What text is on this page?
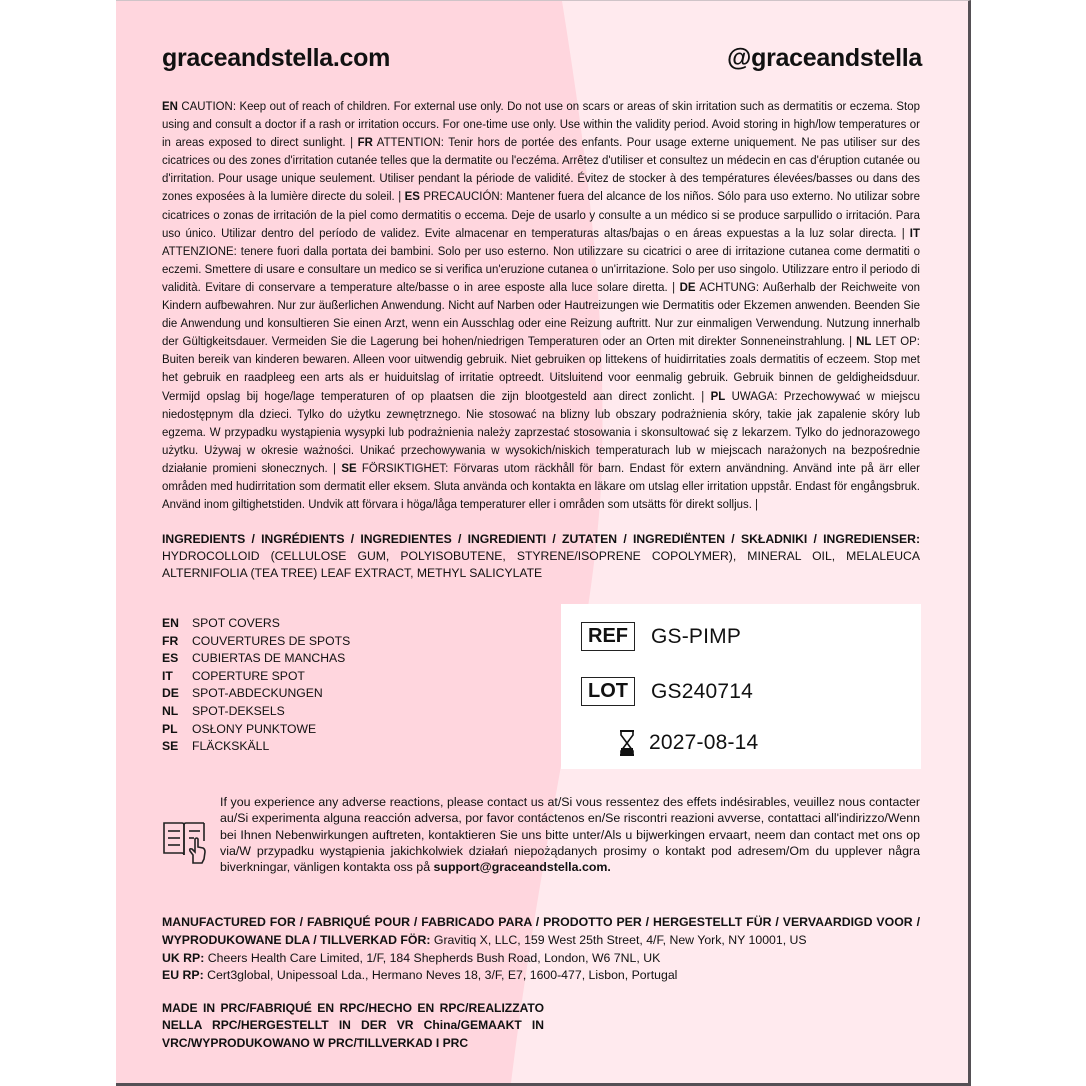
graceandstella.com	@graceandstella
EN CAUTION: Keep out of reach of children. For external use only. Do not use on scars or areas of skin irritation such as dermatitis or eczema. Stop using and consult a doctor if a rash or irritation occurs. For one-time use only. Use within the validity period. Avoid storing in high/low temperatures or in areas exposed to direct sunlight. | FR ATTENTION: Tenir hors de portée des enfants. Pour usage externe uniquement. Ne pas utiliser sur des cicatrices ou des zones d'irritation cutanée telles que la dermatite ou l'eczéma. Arrêtez d'utiliser et consultez un médecin en cas d'éruption cutanée ou d'irritation. Pour usage unique seulement. Utiliser pendant la période de validité. Évitez de stocker à des températures élevées/basses ou dans des zones exposées à la lumière directe du soleil. | ES PRECAUCIÓN: Mantener fuera del alcance de los niños. Sólo para uso externo. No utilizar sobre cicatrices o zonas de irritación de la piel como dermatitis o eccema. Deje de usarlo y consulte a un médico si se produce sarpullido o irritación. Para uso único. Utilizar dentro del período de validez. Evite almacenar en temperaturas altas/bajas o en áreas expuestas a la luz solar directa. | IT ATTENZIONE: tenere fuori dalla portata dei bambini. Solo per uso esterno. Non utilizzare su cicatrici o aree di irritazione cutanea come dermatiti o eczemi. Smettere di usare e consultare un medico se si verifica un'eruzione cutanea o un'irritazione. Solo per uso singolo. Utilizzare entro il periodo di validità. Evitare di conservare a temperature alte/basse o in aree esposte alla luce solare diretta. | DE ACHTUNG: Außerhalb der Reichweite von Kindern aufbewahren. Nur zur äußerlichen Anwendung. Nicht auf Narben oder Hautreizungen wie Dermatitis oder Ekzemen anwenden. Beenden Sie die Anwendung und konsultieren Sie einen Arzt, wenn ein Ausschlag oder eine Reizung auftritt. Nur zur einmaligen Verwendung. Nutzung innerhalb der Gültigkeitsdauer. Vermeiden Sie die Lagerung bei hohen/niedrigen Temperaturen oder an Orten mit direkter Sonneneinstrahlung. | NL LET OP: Buiten bereik van kinderen bewaren. Alleen voor uitwendig gebruik. Niet gebruiken op littekens of huidirritaties zoals dermatitis of eczeem. Stop met het gebruik en raadpleeg een arts als er huiduitslag of irritatie optreedt. Uitsluitend voor eenmalig gebruik. Gebruik binnen de geldigheidsduur. Vermijd opslag bij hoge/lage temperaturen of op plaatsen die zijn blootgesteld aan direct zonlicht. | PL UWAGA: Przechowywać w miejscu niedostępnym dla dzieci. Tylko do użytku zewnętrznego. Nie stosować na blizny lub obszary podrażnienia skóry, takie jak zapalenie skóry lub egzema. W przypadku wystąpienia wysypki lub podrażnienia należy zaprzestać stosowania i skonsultować się z lekarzem. Tylko do jednorazowego użytku. Używaj w okresie ważności. Unikać przechowywania w wysokich/niskich temperaturach lub w miejscach narażonych na bezpośrednie działanie promieni słonecznych. | SE FÖRSIKTIGHET: Förvaras utom räckhåll för barn. Endast för extern användning. Använd inte på ärr eller områden med hudirritation som dermatit eller eksem. Sluta använda och kontakta en läkare om utslag eller irritation uppstår. Endast för engångsbruk. Använd inom giltighetstiden. Undvik att förvara i höga/låga temperaturer eller i områden som utsätts för direkt solljus. |
INGREDIENTS / INGRÉDIENTS / INGREDIENTES / INGREDIENTI / ZUTATEN / INGREDIËNTEN / SKŁADNIKI / INGREDIENSER:
HYDROCOLLOID (CELLULOSE GUM, POLYISOBUTENE, STYRENE/ISOPRENE COPOLYMER), MINERAL OIL, MELALEUCA ALTERNIFOLIA (TEA TREE) LEAF EXTRACT, METHYL SALICYLATE
EN	SPOT COVERS
FR	COUVERTURES DE SPOTS
ES	CUBIERTAS DE MANCHAS
IT	COPERTURE SPOT
DE	SPOT-ABDECKUNGEN
NL	SPOT-DEKSELS
PL	OSŁONY PUNKTOWE
SE	FLÄCKSKÄLL
REF	GS-PIMP
LOT	GS240714
2027-08-14
If you experience any adverse reactions, please contact us at/Si vous ressentez des effets indésirables, veuillez nous contacter au/Si experimenta alguna reacción adversa, por favor contáctenos en/Se riscontri reazioni avverse, contattaci all'indirizzo/Wenn bei Ihnen Nebenwirkungen auftreten, kontaktieren Sie uns bitte unter/Als u bijwerkingen ervaart, neem dan contact met ons op via/W przypadku wystąpienia jakichkolwiek działań niepożądanych prosimy o kontakt pod adresem/Om du upplever några biverkningar, vänligen kontakta oss på support@graceandstella.com.
MANUFACTURED FOR / FABRIQUÉ POUR / FABRICADO PARA / PRODOTTO PER / HERGESTELLT FÜR / VERVAARDIGD VOOR /
WYPRODUKOWANE DLA / TILLVERKAD FÖR: Gravitiq X, LLC, 159 West 25th Street, 4/F, New York, NY 10001, US
UK RP: Cheers Health Care Limited, 1/F, 184 Shepherds Bush Road, London, W6 7NL, UK
EU RP: Cert3global, Unipessoal Lda., Hermano Neves 18, 3/F, E7, 1600-477, Lisbon, Portugal
MADE IN PRC/FABRIQUÉ EN RPC/HECHO EN RPC/REALIZZATO NELLA RPC/HERGESTELLT IN DER VR China/GEMAAKT IN VRC/WYPRODUKOWANO W PRC/TILLVERKAD I PRC
